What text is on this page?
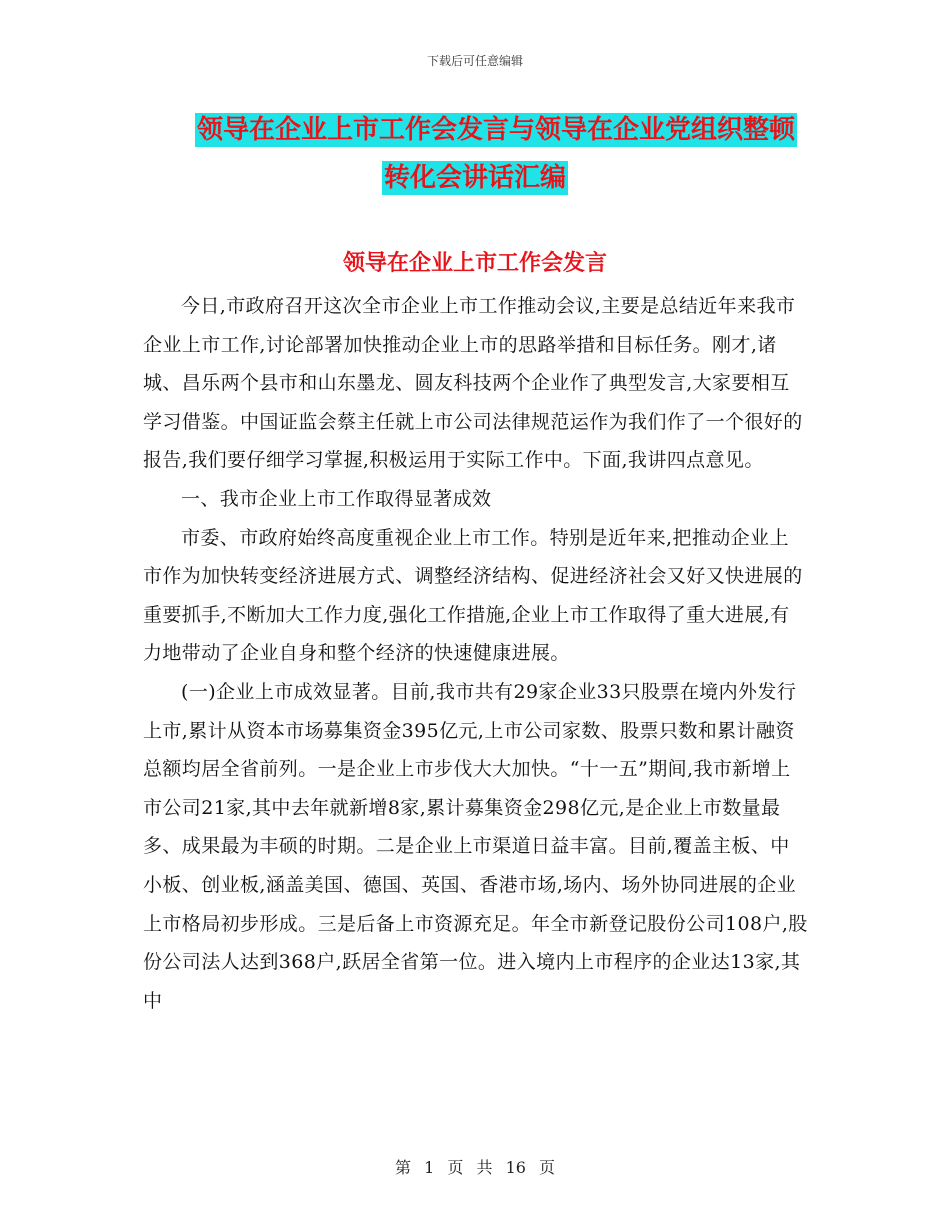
下载后可任意编辑
领导在企业上市工作会发言与领导在企业党组织整顿
转化会讲话汇编
领导在企业上市工作会发言

今日,市政府召开这次全市企业上市工作推动会议,主要是总结近年来我市企业上市工作,讨论部署加快推动企业上市的思路举措和目标任务。刚才,诸城、昌乐两个县市和山东墨龙、圆友科技两个企业作了典型发言,大家要相互学习借鉴。中国证监会蔡主任就上市公司法律规范运作为我们作了一个很好的报告,我们要仔细学习掌握,积极运用于实际工作中。下面,我讲四点意见。

一、我市企业上市工作取得显著成效

市委、市政府始终高度重视企业上市工作。特别是近年来,把推动企业上市作为加快转变经济进展方式、调整经济结构、促进经济社会又好又快进展的重要抓手,不断加大工作力度,强化工作措施,企业上市工作取得了重大进展,有力地带动了企业自身和整个经济的快速健康进展。

(一)企业上市成效显著。目前,我市共有29家企业33只股票在境内外发行上市,累计从资本市场募集资金395亿元,上市公司家数、股票只数和累计融资总额均居全省前列。一是企业上市步伐大大加快。“十一五”期间,我市新增上市公司21家,其中去年就新增8家,累计募集资金298亿元,是企业上市数量最多、成果最为丰硕的时期。二是企业上市渠道日益丰富。目前,覆盖主板、中小板、创业板,涵盖美国、德国、英国、香港市场,场内、场外协同进展的企业上市格局初步形成。三是后备上市资源充足。年全市新登记股份公司108户,股份公司法人达到368户,跃居全省第一位。进入境内上市程序的企业达13家,其中

第 1 页 共 16 页
